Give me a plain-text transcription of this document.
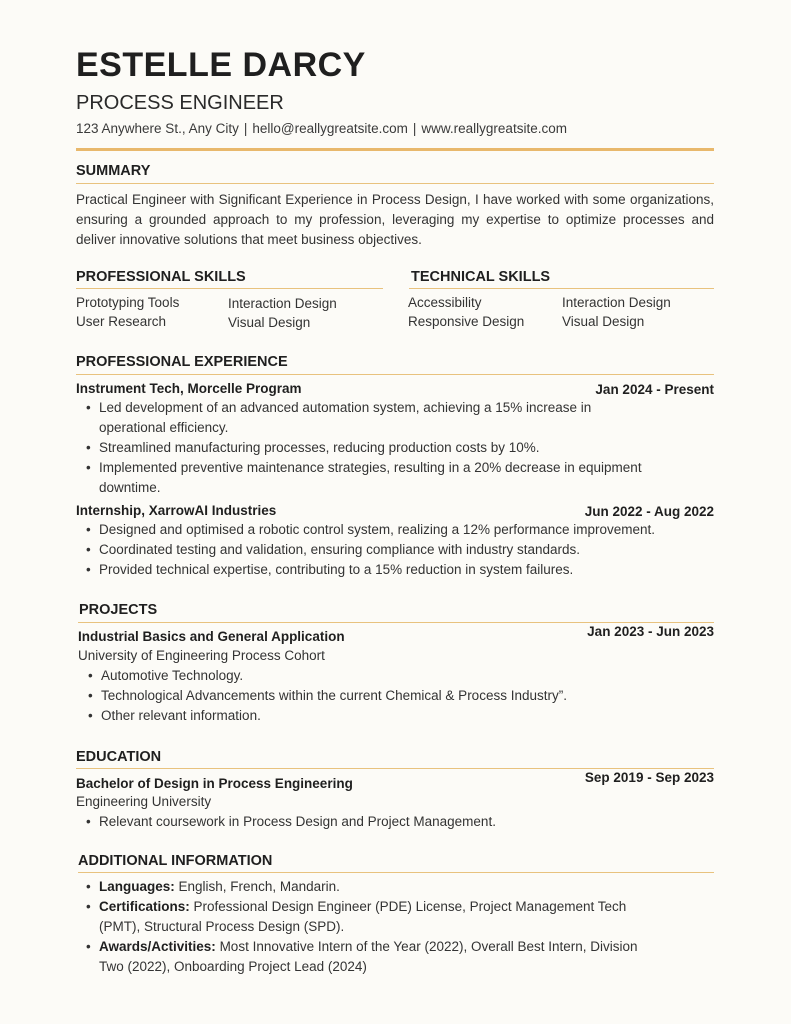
ESTELLE DARCY
PROCESS ENGINEER
123 Anywhere St., Any City | hello@reallygreatsite.com | www.reallygreatsite.com
SUMMARY
Practical Engineer with Significant Experience in Process Design, I have worked with some organizations, ensuring a grounded approach to my profession, leveraging my expertise to optimize processes and deliver innovative solutions that meet business objectives.
PROFESSIONAL SKILLS
Prototyping Tools	Interaction Design
User Research	Visual Design
TECHNICAL SKILLS
Accessibility	Interaction Design
Responsive Design	Visual Design
PROFESSIONAL EXPERIENCE
Instrument Tech, Morcelle Program	Jan 2024 - Present
• Led development of an advanced automation system, achieving a 15% increase in
operational efficiency.
• Streamlined manufacturing processes, reducing production costs by 10%.
• Implemented preventive maintenance strategies, resulting in a 20% decrease in equipment
downtime.
Internship, XarrowAI Industries	Jun 2022 - Aug 2022
• Designed and optimised a robotic control system, realizing a 12% performance improvement.
• Coordinated testing and validation, ensuring compliance with industry standards.
• Provided technical expertise, contributing to a 15% reduction in system failures.
PROJECTS
Industrial Basics and General Application	Jan 2023 - Jun 2023
University of Engineering Process Cohort
• Automotive Technology.
• Technological Advancements within the current Chemical & Process Industry”.
• Other relevant information.
EDUCATION
Bachelor of Design in Process Engineering	Sep 2019 - Sep 2023
Engineering University
• Relevant coursework in Process Design and Project Management.
ADDITIONAL INFORMATION
• Languages: English, French, Mandarin.
• Certifications: Professional Design Engineer (PDE) License, Project Management Tech
(PMT), Structural Process Design (SPD).
• Awards/Activities: Most Innovative Intern of the Year (2022), Overall Best Intern, Division
Two (2022), Onboarding Project Lead (2024)
